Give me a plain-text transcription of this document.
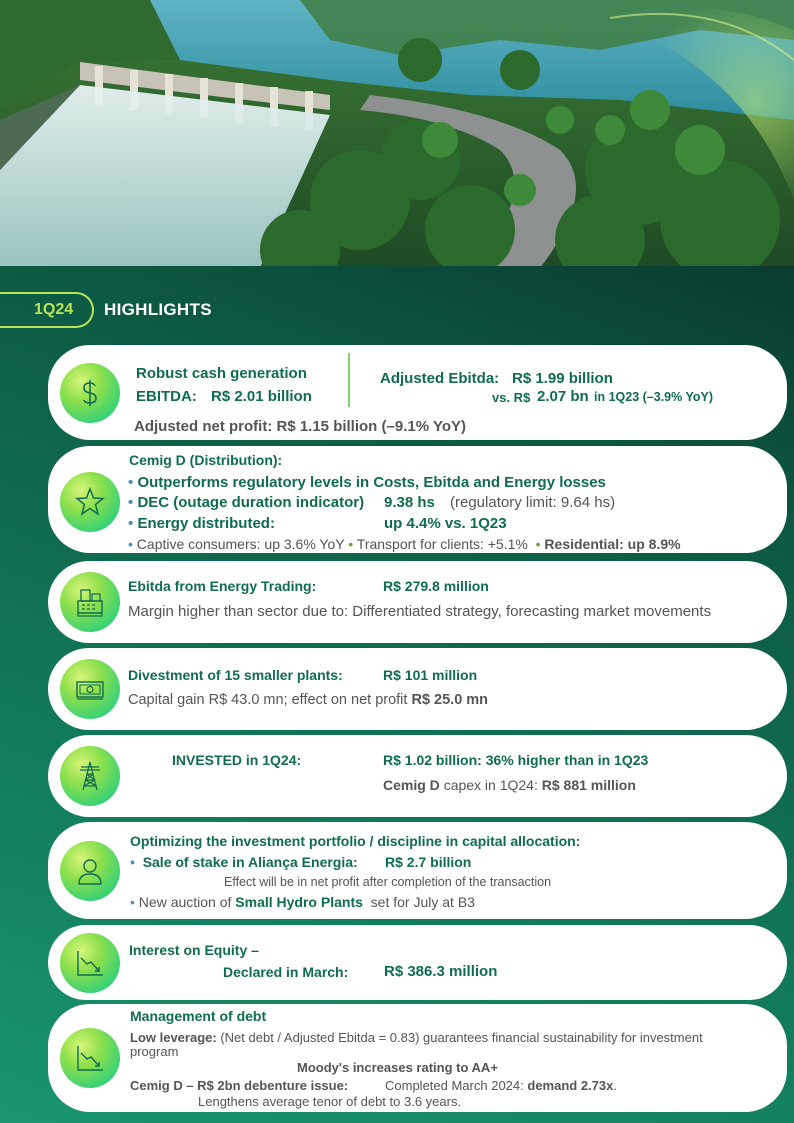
1Q24	HIGHLIGHTS
Robust cash generation
EBITDA: R$ 2.01 billion
Adjusted Ebitda: R$ 1.99 billion
vs. R$ 2.07 bn in 1Q23 (–3.9% YoY)
Adjusted net profit: R$ 1.15 billion (–9.1% YoY)
Cemig D (Distribution):
• Outperforms regulatory levels in Costs, Ebitda and Energy losses
• DEC (outage duration indicator) 9.38 hs (regulatory limit: 9.64 hs)
• Energy distributed:	up 4.4% vs. 1Q23
• Captive consumers: up 3.6% YoY • Transport for clients: +5.1% • Residential: up 8.9%
Ebitda from Energy Trading:	R$ 279.8 million
Margin higher than sector due to: Differentiated strategy, forecasting market movements
Divestment of 15 smaller plants:	R$ 101 million
Capital gain R$ 43.0 mn; effect on net profit R$ 25.0 mn
INVESTED in 1Q24:	R$ 1.02 billion: 36% higher than in 1Q23
Cemig D capex in 1Q24: R$ 881 million
Optimizing the investment portfolio / discipline in capital allocation:
• Sale of stake in Aliança Energia: R$ 2.7 billion
Effect will be in net profit after completion of the transaction
• New auction of Small Hydro Plants set for July at B3
Interest on Equity –
Declared in March: R$ 386.3 million
Management of debt
Low leverage: (Net debt / Adjusted Ebitda = 0.83) guarantees financial sustainability for investment
program
Moody's increases rating to AA+
Cemig D – R$ 2bn debenture issue:	Completed March 2024: demand 2.73x.
Lengthens average tenor of debt to 3.6 years.
